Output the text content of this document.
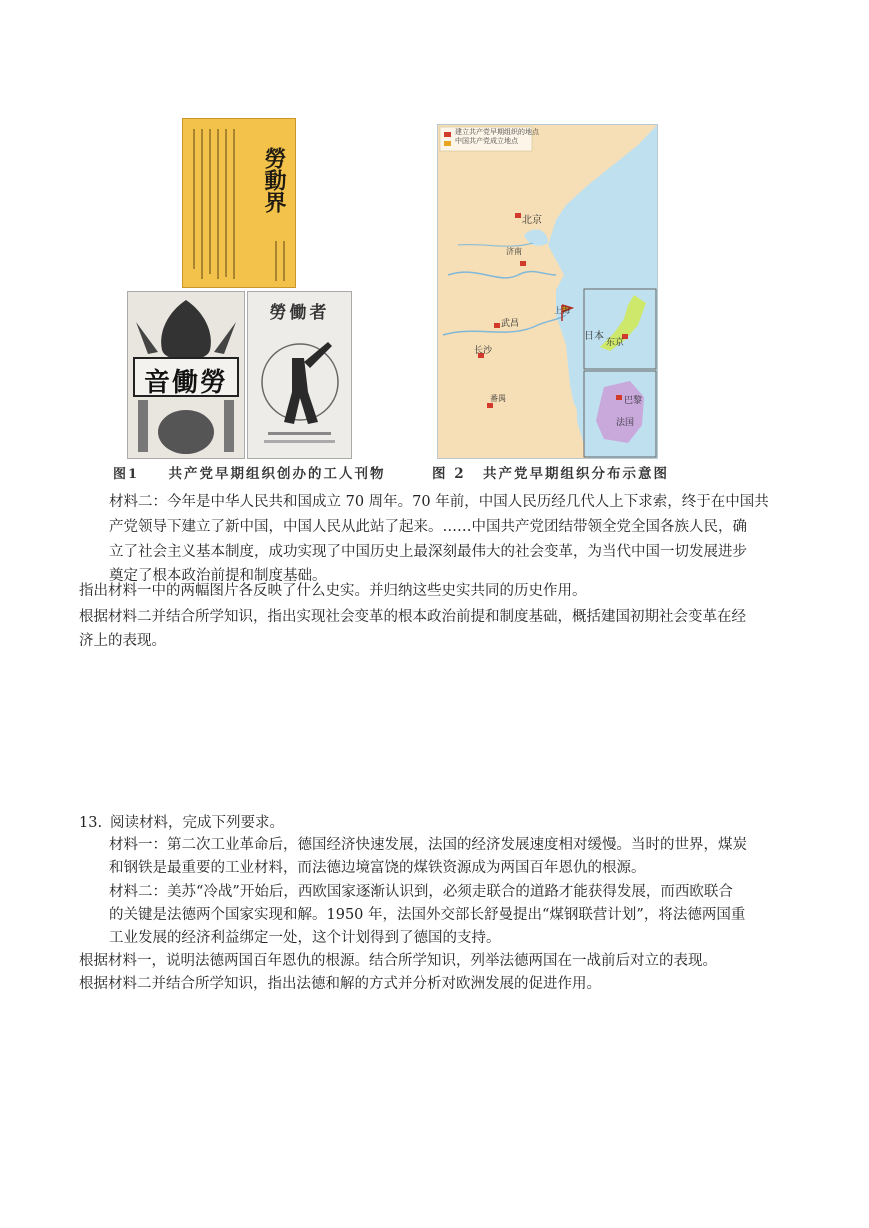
勞動界
音働勞
勞働者
图1 共产党早期组织创办的工人刊物
建立共产党早期组织的地点
中国共产党成立地点
北京
济南
武昌
长沙
上海
番禺
日本
东京
巴黎
法国
图 2 共产党早期组织分布示意图
材料二：今年是中华人民共和国成立 70 周年。70 年前，中国人民历经几代人上下求索，终于在中国共
产党领导下建立了新中国，中国人民从此站了起来。……中国共产党团结带领全党全国各族人民，确
立了社会主义基本制度，成功实现了中国历史上最深刻最伟大的社会变革，为当代中国一切发展进步
奠定了根本政治前提和制度基础。
指出材料一中的两幅图片各反映了什么史实。并归纳这些史实共同的历史作用。
根据材料二并结合所学知识，指出实现社会变革的根本政治前提和制度基础，概括建国初期社会变革在经
济上的表现。
13. 阅读材料，完成下列要求。
材料一：第二次工业革命后，德国经济快速发展，法国的经济发展速度相对缓慢。当时的世界，煤炭
和钢铁是最重要的工业材料，而法德边境富饶的煤铁资源成为两国百年恩仇的根源。
材料二：美苏“冷战”开始后，西欧国家逐渐认识到，必须走联合的道路才能获得发展，而西欧联合
的关键是法德两个国家实现和解。1950 年，法国外交部长舒曼提出“煤钢联营计划”，将法德两国重
工业发展的经济利益绑定一处，这个计划得到了德国的支持。
根据材料一，说明法德两国百年恩仇的根源。结合所学知识，列举法德两国在一战前后对立的表现。
根据材料二并结合所学知识，指出法德和解的方式并分析对欧洲发展的促进作用。
